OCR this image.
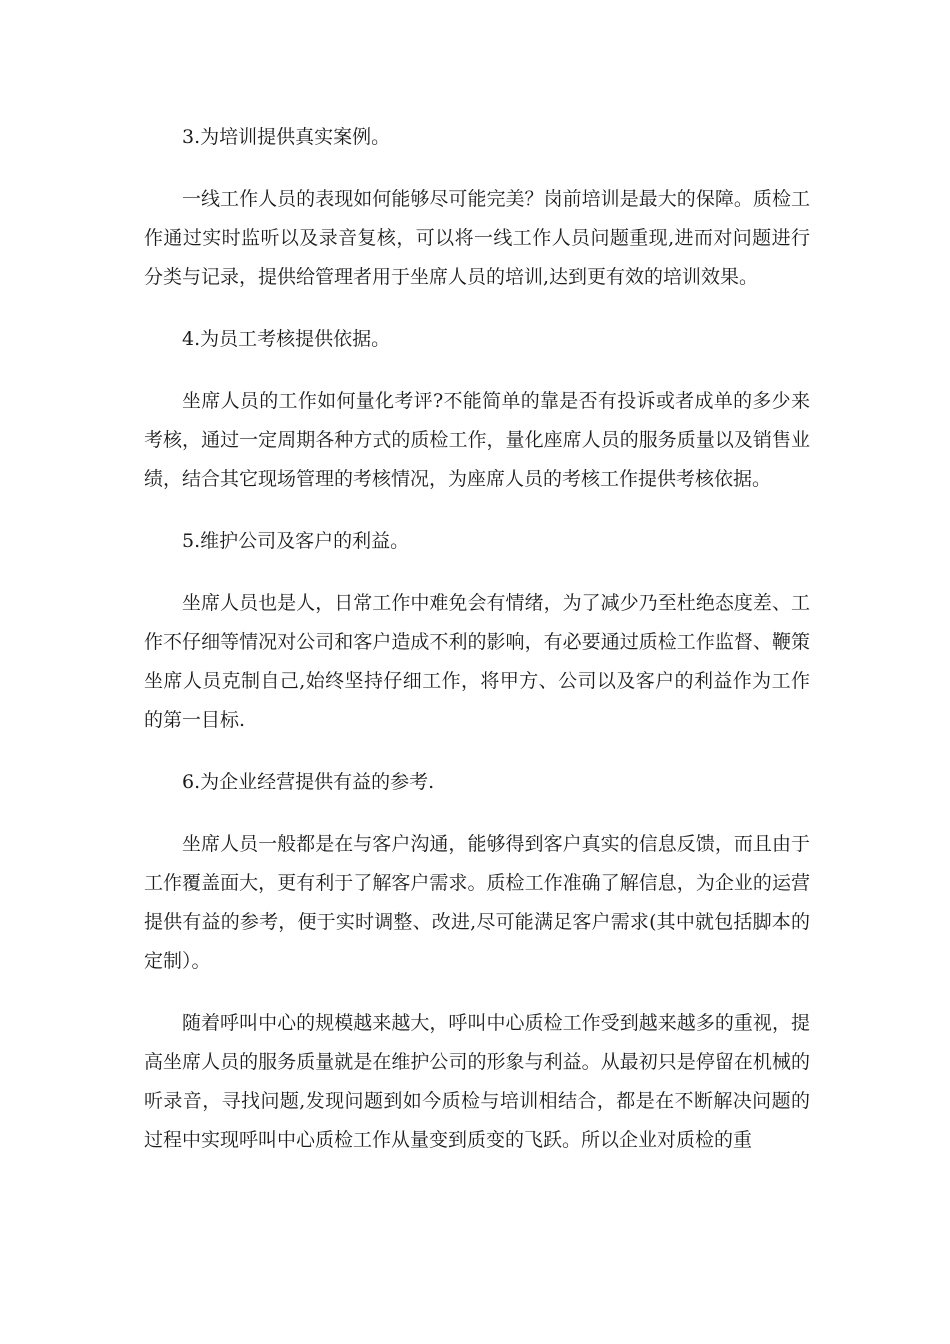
3.为培训提供真实案例。

一线工作人员的表现如何能够尽可能完美？岗前培训是最大的保障。质检工作通过实时监听以及录音复核，可以将一线工作人员问题重现,进而对问题进行分类与记录，提供给管理者用于坐席人员的培训,达到更有效的培训效果。

4.为员工考核提供依据。

坐席人员的工作如何量化考评?不能简单的靠是否有投诉或者成单的多少来考核，通过一定周期各种方式的质检工作，量化座席人员的服务质量以及销售业绩，结合其它现场管理的考核情况，为座席人员的考核工作提供考核依据。

5.维护公司及客户的利益。

坐席人员也是人，日常工作中难免会有情绪，为了减少乃至杜绝态度差、工作不仔细等情况对公司和客户造成不利的影响，有必要通过质检工作监督、鞭策坐席人员克制自己,始终坚持仔细工作，将甲方、公司以及客户的利益作为工作的第一目标.

6.为企业经营提供有益的参考.

坐席人员一般都是在与客户沟通，能够得到客户真实的信息反馈，而且由于工作覆盖面大，更有利于了解客户需求。质检工作准确了解信息，为企业的运营提供有益的参考，便于实时调整、改进,尽可能满足客户需求(其中就包括脚本的定制）。

随着呼叫中心的规模越来越大，呼叫中心质检工作受到越来越多的重视，提高坐席人员的服务质量就是在维护公司的形象与利益。从最初只是停留在机械的听录音，寻找问题,发现问题到如今质检与培训相结合，都是在不断解决问题的过程中实现呼叫中心质检工作从量变到质变的飞跃。所以企业对质检的重
